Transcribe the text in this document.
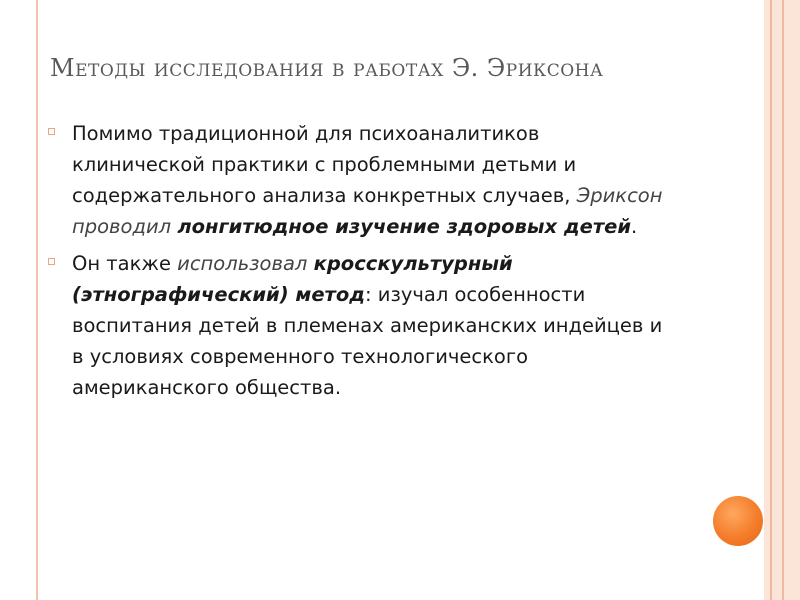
Методы исследования в работах Э. Эриксона
Помимо традиционной для психоаналитиков клинической практики с проблемными детьми и содержательного анализа конкретных случаев, Эриксон проводил лонгитюдное изучение здоровых детей.
Он также использовал кросскультурный (этнографический) метод: изучал особенности воспитания детей в племенах американских индейцев и в условиях современного технологического американского общества.
